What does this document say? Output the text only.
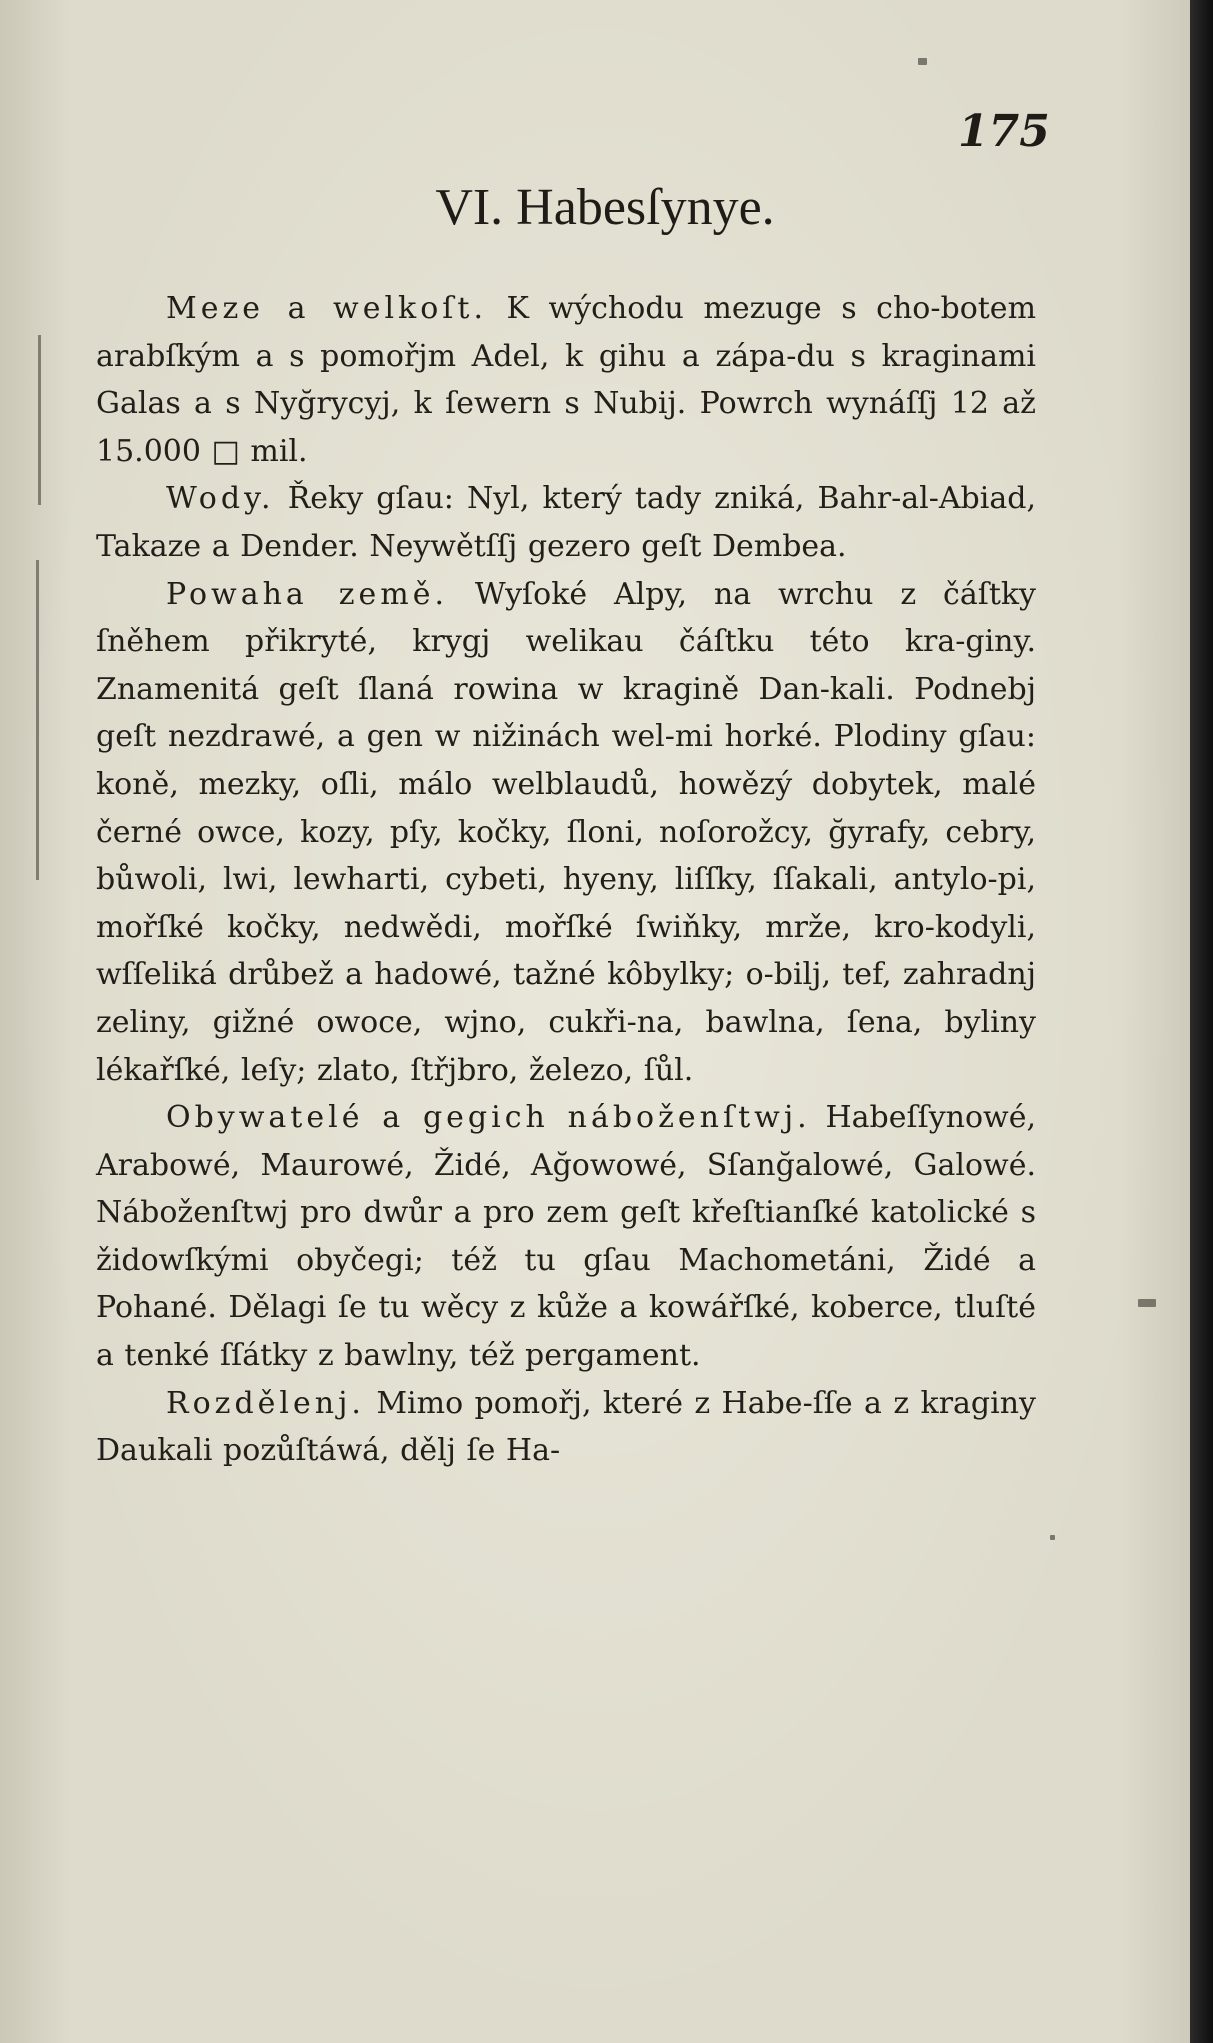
175
VI. Habesſynye.

Meze a welkoſt. K wýchodu mezuge s cho-botem arabſkým a s pomořjm Adel, k gihu a zápa-du s kraginami Galas a s Nyğrycyj, k ſewern s Nubij. Powrch wynáſſj 12 až 15.000 □ mil.

Wody. Řeky gſau: Nyl, který tady zniká, Bahr-al-Abiad, Takaze a Dender. Neywětſſj gezero geſt Dembea.

Powaha země. Wyſoké Alpy, na wrchu z čáſtky ſněhem přikryté, krygj welikau čáſtku této kra-giny. Znamenitá geſt ſlaná rowina w kragině Dan-kali. Podnebj geſt nezdrawé, a gen w nižinách wel-mi horké. Plodiny gſau: koně, mezky, oſli, málo welblaudů, howězý dobytek, malé černé owce, kozy, pſy, kočky, ſloni, noſorožcy, ğyrafy, cebry, bůwoli, lwi, lewharti, cybeti, hyeny, liſſky, ſſakali, antylo-pi, mořſké kočky, nedwědi, mořſké ſwiňky, mrže, kro-kodyli, wſſeliká drůbež a hadowé, tažné kôbylky; o-bilj, tef, zahradnj zeliny, gižné owoce, wjno, cukři-na, bawlna, ſena, byliny lékařſké, leſy; zlato, ſtřjbro, železo, ſůl.

Obywatelé a gegich náboženſtwj. Habeſſynowé, Arabowé, Maurowé, Židé, Ağowowé, Sſanğalowé, Galowé. Náboženſtwj pro dwůr a pro zem geſt křeſtianſké katolické s židowſkými obyčegi; též tu gſau Machometáni, Židé a Pohané. Dělagi ſe tu wěcy z kůže a kowářſké, koberce, tluſté a tenké ſſátky z bawlny, též pergament.

Rozdělenj. Mimo pomořj, které z Habe-ſſe a z kraginy Daukali pozůſtáwá, dělj ſe Ha-
